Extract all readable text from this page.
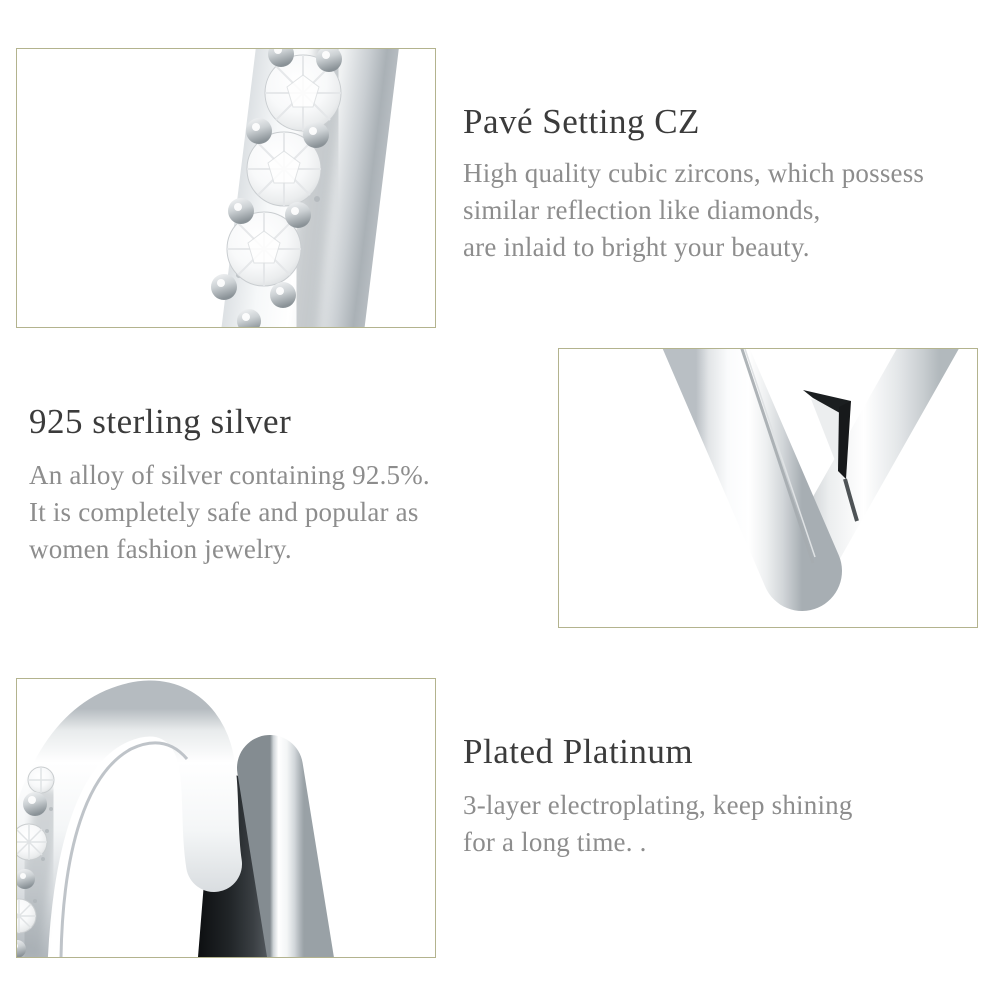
Pavé Setting CZ
High quality cubic zircons, which possess
similar reflection like diamonds,
are inlaid to bright your beauty.
925 sterling silver
An alloy of silver containing 92.5%.
It is completely safe and popular as
women fashion jewelry.
Plated Platinum
3-layer electroplating, keep shining
for a long time. .
